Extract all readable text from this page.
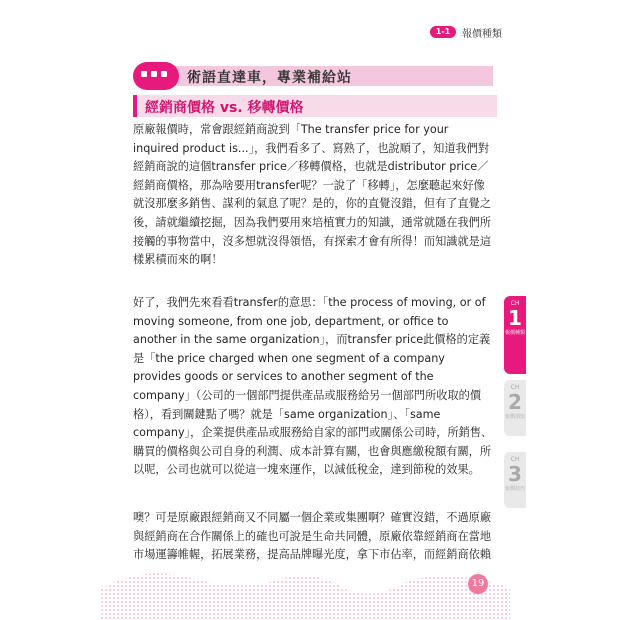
1-1	報價種類
術語直達車，專業補給站
經銷商價格 vs. 移轉價格

原廠報價時，常會跟經銷商說到「The transfer price for your inquired product is...」，我們看多了、寫熟了，也說順了，知道我們對經銷商說的這個transfer price／移轉價格，也就是distributor price／經銷商價格，那為啥要用transfer呢？一說了「移轉」，怎麼聽起來好像就沒那麼多銷售、謀利的氣息了呢？是的，你的直覺沒錯，但有了直覺之後，請就繼續挖掘，因為我們要用來培植實力的知識，通常就隱在我們所接觸的事物當中，沒多想就沒得領悟，有探索才會有所得！而知識就是這樣累積而來的啊！

好了，我們先來看看transfer的意思：「the process of moving, or of moving someone, from one job, department, or office to another in the same organization」，而transfer price此價格的定義是「the price charged when one segment of a company provides goods or services to another segment of the company」（公司的一個部門提供產品或服務給另一個部門所收取的價格），看到關鍵點了嗎？就是「same organization」、「same company」，企業提供產品或服務給自家的部門或關係公司時，所銷售、購買的價格與公司自身的利潤、成本計算有關，也會與應繳稅額有關，所以呢，公司也就可以從這一塊來運作，以減低稅金，達到節稅的效果。

噢？可是原廠跟經銷商又不同屬一個企業或集團啊？確實沒錯，不過原廠與經銷商在合作關係上的確也可說是生命共同體，原廠依靠經銷商在當地市場運籌帷幄，拓展業務，提高品牌曝光度，拿下市佔率，而經銷商依賴

CH
1
報價種類
CH
2
報價須知
CH
3
報價技巧
19
